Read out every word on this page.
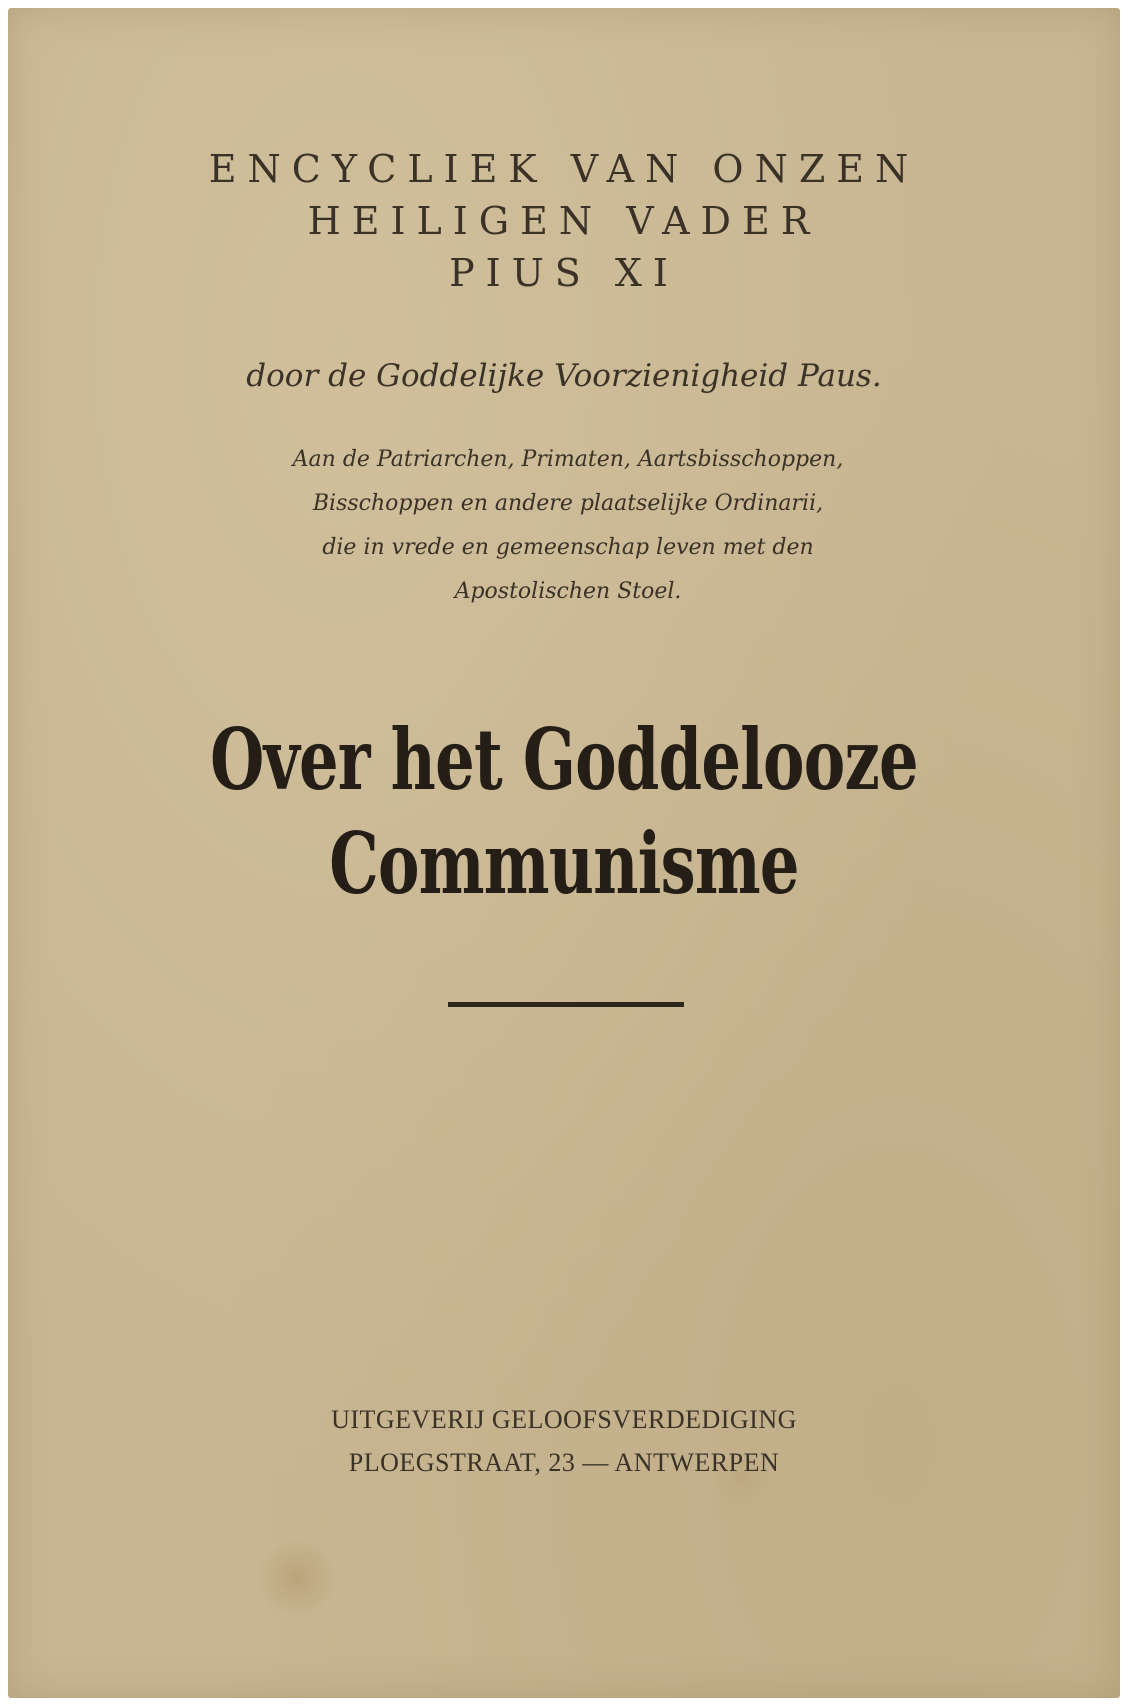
ENCYCLIEK VAN ONZEN
HEILIGEN VADER
PIUS XI
door de Goddelijke Voorzienigheid Paus.
Aan de Patriarchen, Primaten, Aartsbisschoppen,
Bisschoppen en andere plaatselijke Ordinarii,
die in vrede en gemeenschap leven met den
Apostolischen Stoel.
Over het Goddelooze
Communisme
UITGEVERIJ GELOOFSVERDEDIGING
PLOEGSTRAAT, 23 — ANTWERPEN
